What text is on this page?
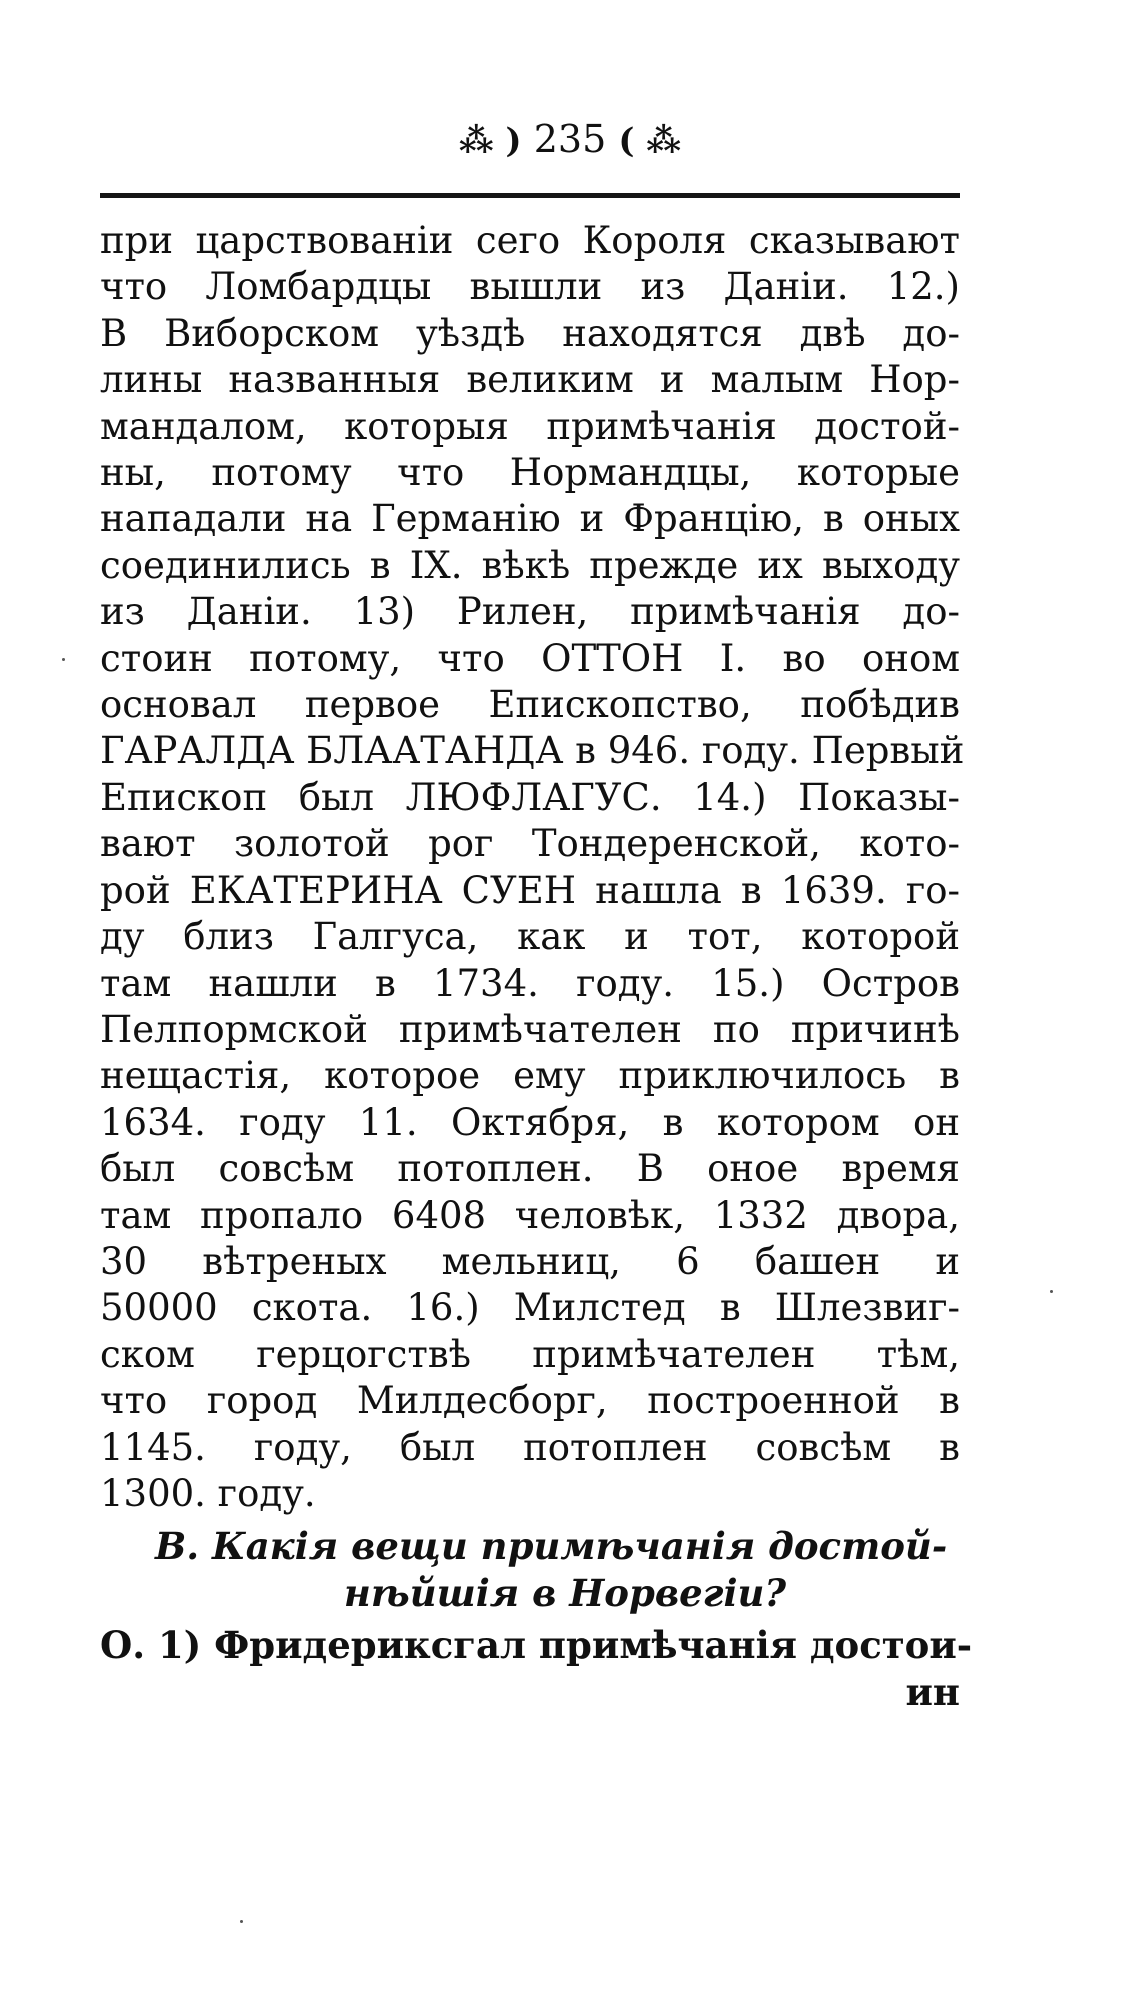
⁂ ) 235 ( ⁂
при царствованіи сего Короля сказывают
что Ломбардцы вышли из Даніи. 12.)
В Виборском уѣздѣ находятся двѣ до-
лины названныя великим и малым Нор-
мандалом, которыя примѣчанія достой-
ны, потому что Нормандцы, которые
нападали на Германію и Францію, в оных
соединились в IX. вѣкѣ прежде их выходу
из Даніи. 13) Рилен, примѣчанія до-
стоин потому, что ОТТОН I. во оном
основал первое Епископство, побѣдив
ГАРАЛДА БЛААТАНДА в 946. году. Первый
Епископ был ЛЮФЛАГУС. 14.) Показы-
вают золотой рог Тондеренской, кото-
рой ЕКАТЕРИНА СУЕН нашла в 1639. го-
ду близ Галгуса, как и тот, которой
там нашли в 1734. году. 15.) Остров
Пелпормской примѣчателен по причинѣ
нещастія, которое ему приключилось в
1634. году 11. Октября, в котором он
был совсѣм потоплен. В оное время
там пропало 6408 человѣк, 1332 двора,
30 вѣтреных мельниц, 6 башен и
50000 скота. 16.) Милстед в Шлезвиг-
ском герцогствѣ примѣчателен тѣм,
что город Милдесборг, построенной в
1145. году, был потоплен совсѣм в
1300. году.
В. Какія вещи примѣчанія достой-
нѣйшія в Норвегіи?
О. 1) Фридериксгал примѣчанія достои-
ин
